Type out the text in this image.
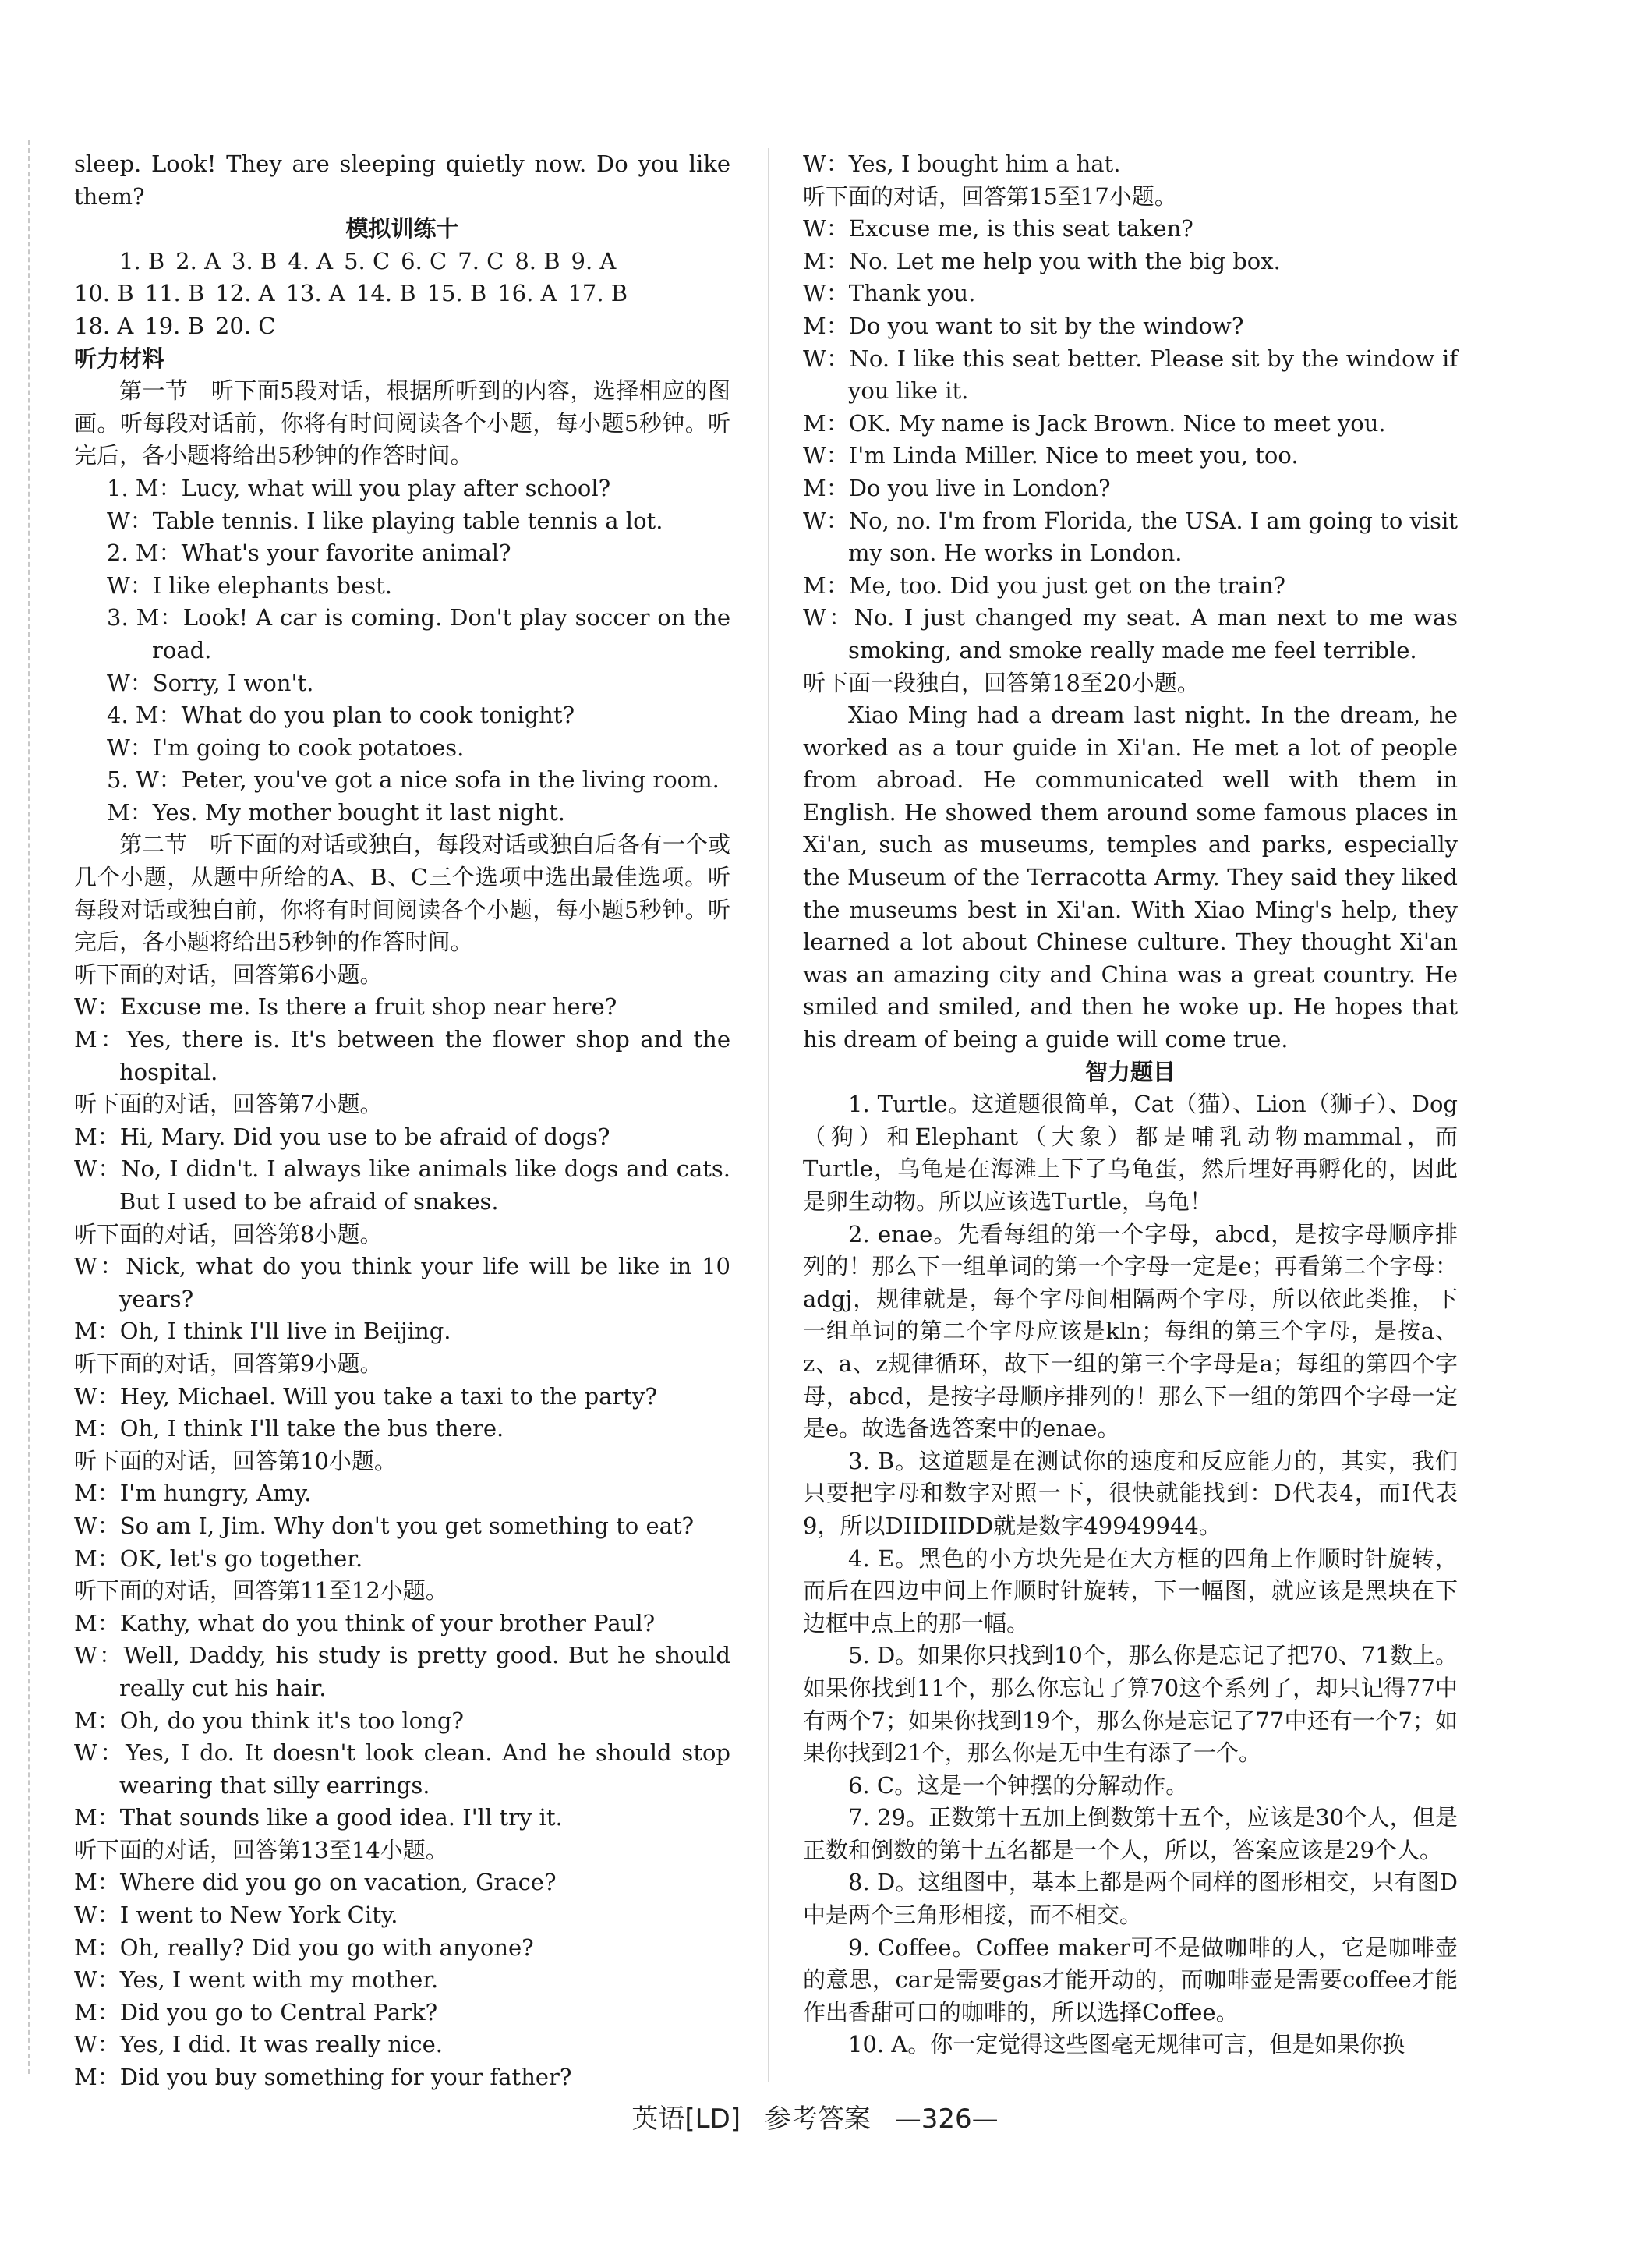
sleep. Look! They are sleeping quietly now. Do you like them?

模拟训练十

1. B 2. A 3. B 4. A 5. C 6. C 7. C 8. B 9. A

10. B 11. B 12. A 13. A 14. B 15. B 16. A 17. B

18. A 19. B 20. C

听力材料

第一节　听下面5段对话，根据所听到的内容，选择相应的图画。听每段对话前，你将有时间阅读各个小题，每小题5秒钟。听完后，各小题将给出5秒钟的作答时间。

1. M：Lucy, what will you play after school?

W：Table tennis. I like playing table tennis a lot.

2. M：What's your favorite animal?

W：I like elephants best.

3. M：Look! A car is coming. Don't play soccer on the road.

W：Sorry, I won't.

4. M：What do you plan to cook tonight?

W：I'm going to cook potatoes.

5. W：Peter, you've got a nice sofa in the living room.

M：Yes. My mother bought it last night.

第二节　听下面的对话或独白，每段对话或独白后各有一个或几个小题，从题中所给的A、B、C三个选项中选出最佳选项。听每段对话或独白前，你将有时间阅读各个小题，每小题5秒钟。听完后，各小题将给出5秒钟的作答时间。

听下面的对话，回答第6小题。

W：Excuse me. Is there a fruit shop near here?

M：Yes, there is. It's between the flower shop and the hospital.

听下面的对话，回答第7小题。

M：Hi, Mary. Did you use to be afraid of dogs?

W：No, I didn't. I always like animals like dogs and cats. But I used to be afraid of snakes.

听下面的对话，回答第8小题。

W：Nick, what do you think your life will be like in 10 years?

M：Oh, I think I'll live in Beijing.

听下面的对话，回答第9小题。

W：Hey, Michael. Will you take a taxi to the party?

M：Oh, I think I'll take the bus there.

听下面的对话，回答第10小题。

M：I'm hungry, Amy.

W：So am I, Jim. Why don't you get something to eat?

M：OK, let's go together.

听下面的对话，回答第11至12小题。

M：Kathy, what do you think of your brother Paul?

W：Well, Daddy, his study is pretty good. But he should really cut his hair.

M：Oh, do you think it's too long?

W：Yes, I do. It doesn't look clean. And he should stop wearing that silly earrings.

M：That sounds like a good idea. I'll try it.

听下面的对话，回答第13至14小题。

M：Where did you go on vacation, Grace?

W：I went to New York City.

M：Oh, really? Did you go with anyone?

W：Yes, I went with my mother.

M：Did you go to Central Park?

W：Yes, I did. It was really nice.

M：Did you buy something for your father?

W：Yes, I bought him a hat.

听下面的对话，回答第15至17小题。

W：Excuse me, is this seat taken?

M：No. Let me help you with the big box.

W：Thank you.

M：Do you want to sit by the window?

W：No. I like this seat better. Please sit by the window if you like it.

M：OK. My name is Jack Brown. Nice to meet you.

W：I'm Linda Miller. Nice to meet you, too.

M：Do you live in London?

W：No, no. I'm from Florida, the USA. I am going to visit my son. He works in London.

M：Me, too. Did you just get on the train?

W：No. I just changed my seat. A man next to me was smoking, and smoke really made me feel terrible.

听下面一段独白，回答第18至20小题。

Xiao Ming had a dream last night. In the dream, he worked as a tour guide in Xi'an. He met a lot of people from abroad. He communicated well with them in English. He showed them around some famous places in Xi'an, such as museums, temples and parks, especially the Museum of the Terracotta Army. They said they liked the museums best in Xi'an. With Xiao Ming's help, they learned a lot about Chinese culture. They thought Xi'an was an amazing city and China was a great country. He smiled and smiled, and then he woke up. He hopes that his dream of being a guide will come true.

智力题目

1. Turtle。这道题很简单，Cat（猫）、Lion（狮子）、Dog（狗）和Elephant（大象）都是哺乳动物mammal，而Turtle，乌龟是在海滩上下了乌龟蛋，然后埋好再孵化的，因此是卵生动物。所以应该选Turtle，乌龟！

2. enae。先看每组的第一个字母，abcd，是按字母顺序排列的！那么下一组单词的第一个字母一定是e；再看第二个字母：adgj，规律就是，每个字母间相隔两个字母，所以依此类推，下一组单词的第二个字母应该是kln；每组的第三个字母，是按a、z、a、z规律循环，故下一组的第三个字母是a；每组的第四个字母，abcd，是按字母顺序排列的！那么下一组的第四个字母一定是e。故选备选答案中的enae。

3. B。这道题是在测试你的速度和反应能力的，其实，我们只要把字母和数字对照一下，很快就能找到：D代表4，而I代表9，所以DIIDIIDD就是数字49949944。

4. E。黑色的小方块先是在大方框的四角上作顺时针旋转，而后在四边中间上作顺时针旋转，下一幅图，就应该是黑块在下边框中点上的那一幅。

5. D。如果你只找到10个，那么你是忘记了把70、71数上。如果你找到11个，那么你忘记了算70这个系列了，却只记得77中有两个7；如果你找到19个，那么你是忘记了77中还有一个7；如果你找到21个，那么你是无中生有添了一个。

6. C。这是一个钟摆的分解动作。

7. 29。正数第十五加上倒数第十五个，应该是30个人，但是正数和倒数的第十五名都是一个人，所以，答案应该是29个人。

8. D。这组图中，基本上都是两个同样的图形相交，只有图D中是两个三角形相接，而不相交。

9. Coffee。Coffee maker可不是做咖啡的人，它是咖啡壶的意思，car是需要gas才能开动的，而咖啡壶是需要coffee才能作出香甜可口的咖啡的，所以选择Coffee。

10. A。你一定觉得这些图毫无规律可言，但是如果你换

英语[LD] 参考答案 —326—
